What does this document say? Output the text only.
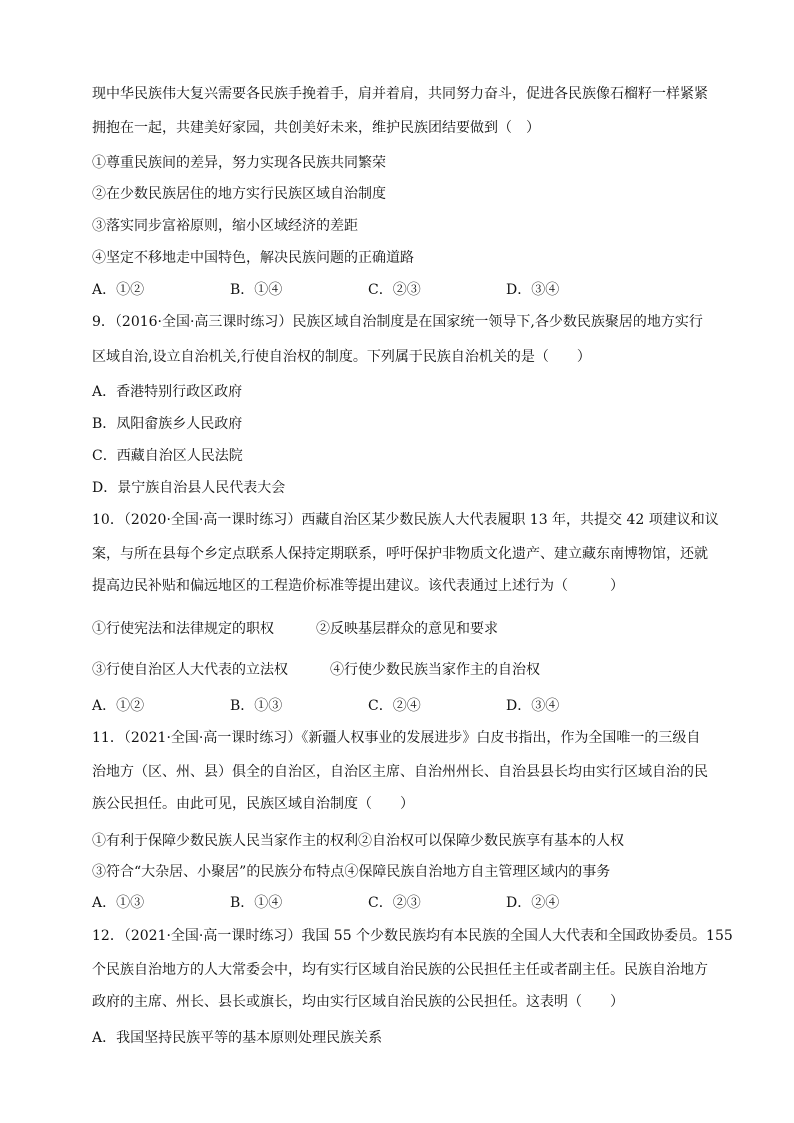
现中华民族伟大复兴需要各民族手挽着手，肩并着肩，共同努力奋斗，促进各民族像石榴籽一样紧紧
拥抱在一起，共建美好家园，共创美好未来，维护民族团结要做到（　）
①尊重民族间的差异，努力实现各民族共同繁荣
②在少数民族居住的地方实行民族区域自治制度
③落实同步富裕原则，缩小区域经济的差距
④坚定不移地走中国特色，解决民族问题的正确道路
A．①②	B．①④	C．②③	D．③④
9．（2016·全国·高三课时练习）民族区域自治制度是在国家统一领导下,各少数民族聚居的地方实行
区域自治,设立自治机关,行使自治权的制度。下列属于民族自治机关的是（　　）
A．香港特别行政区政府
B．凤阳畲族乡人民政府
C．西藏自治区人民法院
D．景宁族自治县人民代表大会
10．（2020·全国·高一课时练习）西藏自治区某少数民族人大代表履职 13 年，共提交 42 项建议和议
案，与所在县每个乡定点联系人保持定期联系，呼吁保护非物质文化遗产、建立藏东南博物馆，还就
提高边民补贴和偏远地区的工程造价标准等提出建议。该代表通过上述行为（　　　）
①行使宪法和法律规定的职权	②反映基层群众的意见和要求
③行使自治区人大代表的立法权	④行使少数民族当家作主的自治权
A．①②	B．①③	C．②④	D．③④
11．（2021·全国·高一课时练习）《新疆人权事业的发展进步》白皮书指出，作为全国唯一的三级自
治地方（区、州、县）俱全的自治区，自治区主席、自治州州长、自治县县长均由实行区域自治的民
族公民担任。由此可见，民族区域自治制度（　　）
①有利于保障少数民族人民当家作主的权利②自治权可以保障少数民族享有基本的人权
③符合“大杂居、小聚居”的民族分布特点④保障民族自治地方自主管理区域内的事务
A．①③	B．①④	C．②③	D．②④
12．（2021·全国·高一课时练习）我国 55 个少数民族均有本民族的全国人大代表和全国政协委员。155
个民族自治地方的人大常委会中，均有实行区域自治民族的公民担任主任或者副主任。民族自治地方
政府的主席、州长、县长或旗长，均由实行区域自治民族的公民担任。这表明（　　）
A．我国坚持民族平等的基本原则处理民族关系
